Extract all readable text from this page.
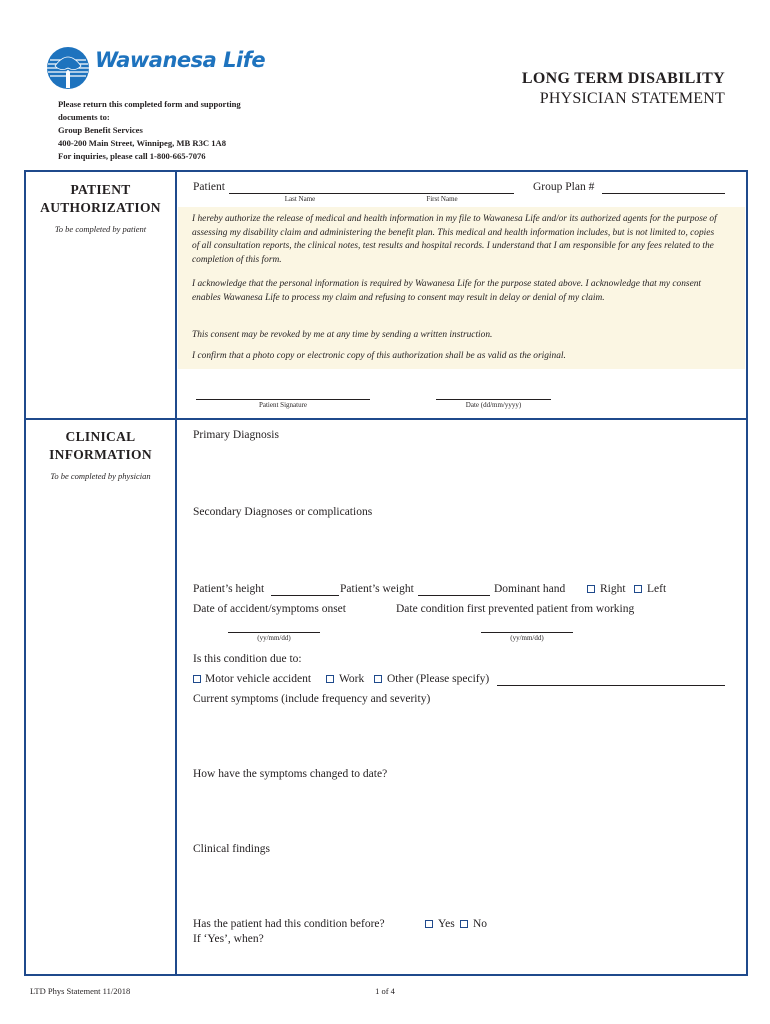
Wawanesa Life
LONG TERM DISABILITY
PHYSICIAN STATEMENT
Please return this completed form and supporting
documents to:
Group Benefit Services
400-200 Main Street, Winnipeg, MB R3C 1A8
For inquiries, please call 1-800-665-7076
PATIENT
AUTHORIZATION
To be completed by patient
Patient
Last Name	First Name
Group Plan #
I hereby authorize the release of medical and health information in my file to Wawanesa Life and/or its authorized agents for the purpose of assessing my disability claim and administering the benefit plan. This medical and health information includes, but is not limited to, copies of all consultation reports, the clinical notes, test results and hospital records. I understand that I am responsible for any fees related to the completion of this form.
I acknowledge that the personal information is required by Wawanesa Life for the purpose stated above. I acknowledge that my consent enables Wawanesa Life to process my claim and refusing to consent may result in delay or denial of my claim.
This consent may be revoked by me at any time by sending a written instruction.
I confirm that a photo copy or electronic copy of this authorization shall be as valid as the original.
Patient Signature	Date (dd/mm/yyyy)
CLINICAL
INFORMATION
To be completed by physician
Primary Diagnosis
Secondary Diagnoses or complications
Patient’s height	Patient’s weight	Dominant hand	Right Left
Date of accident/symptoms onset	Date condition first prevented patient from working
(yy/mm/dd)	(yy/mm/dd)
Is this condition due to:
Motor vehicle accident Work Other (Please specify)
Current symptoms (include frequency and severity)
How have the symptoms changed to date?
Clinical findings
Has the patient had this condition before?	Yes No
If ‘Yes’, when?
LTD Phys Statement 11/2018	1 of 4
